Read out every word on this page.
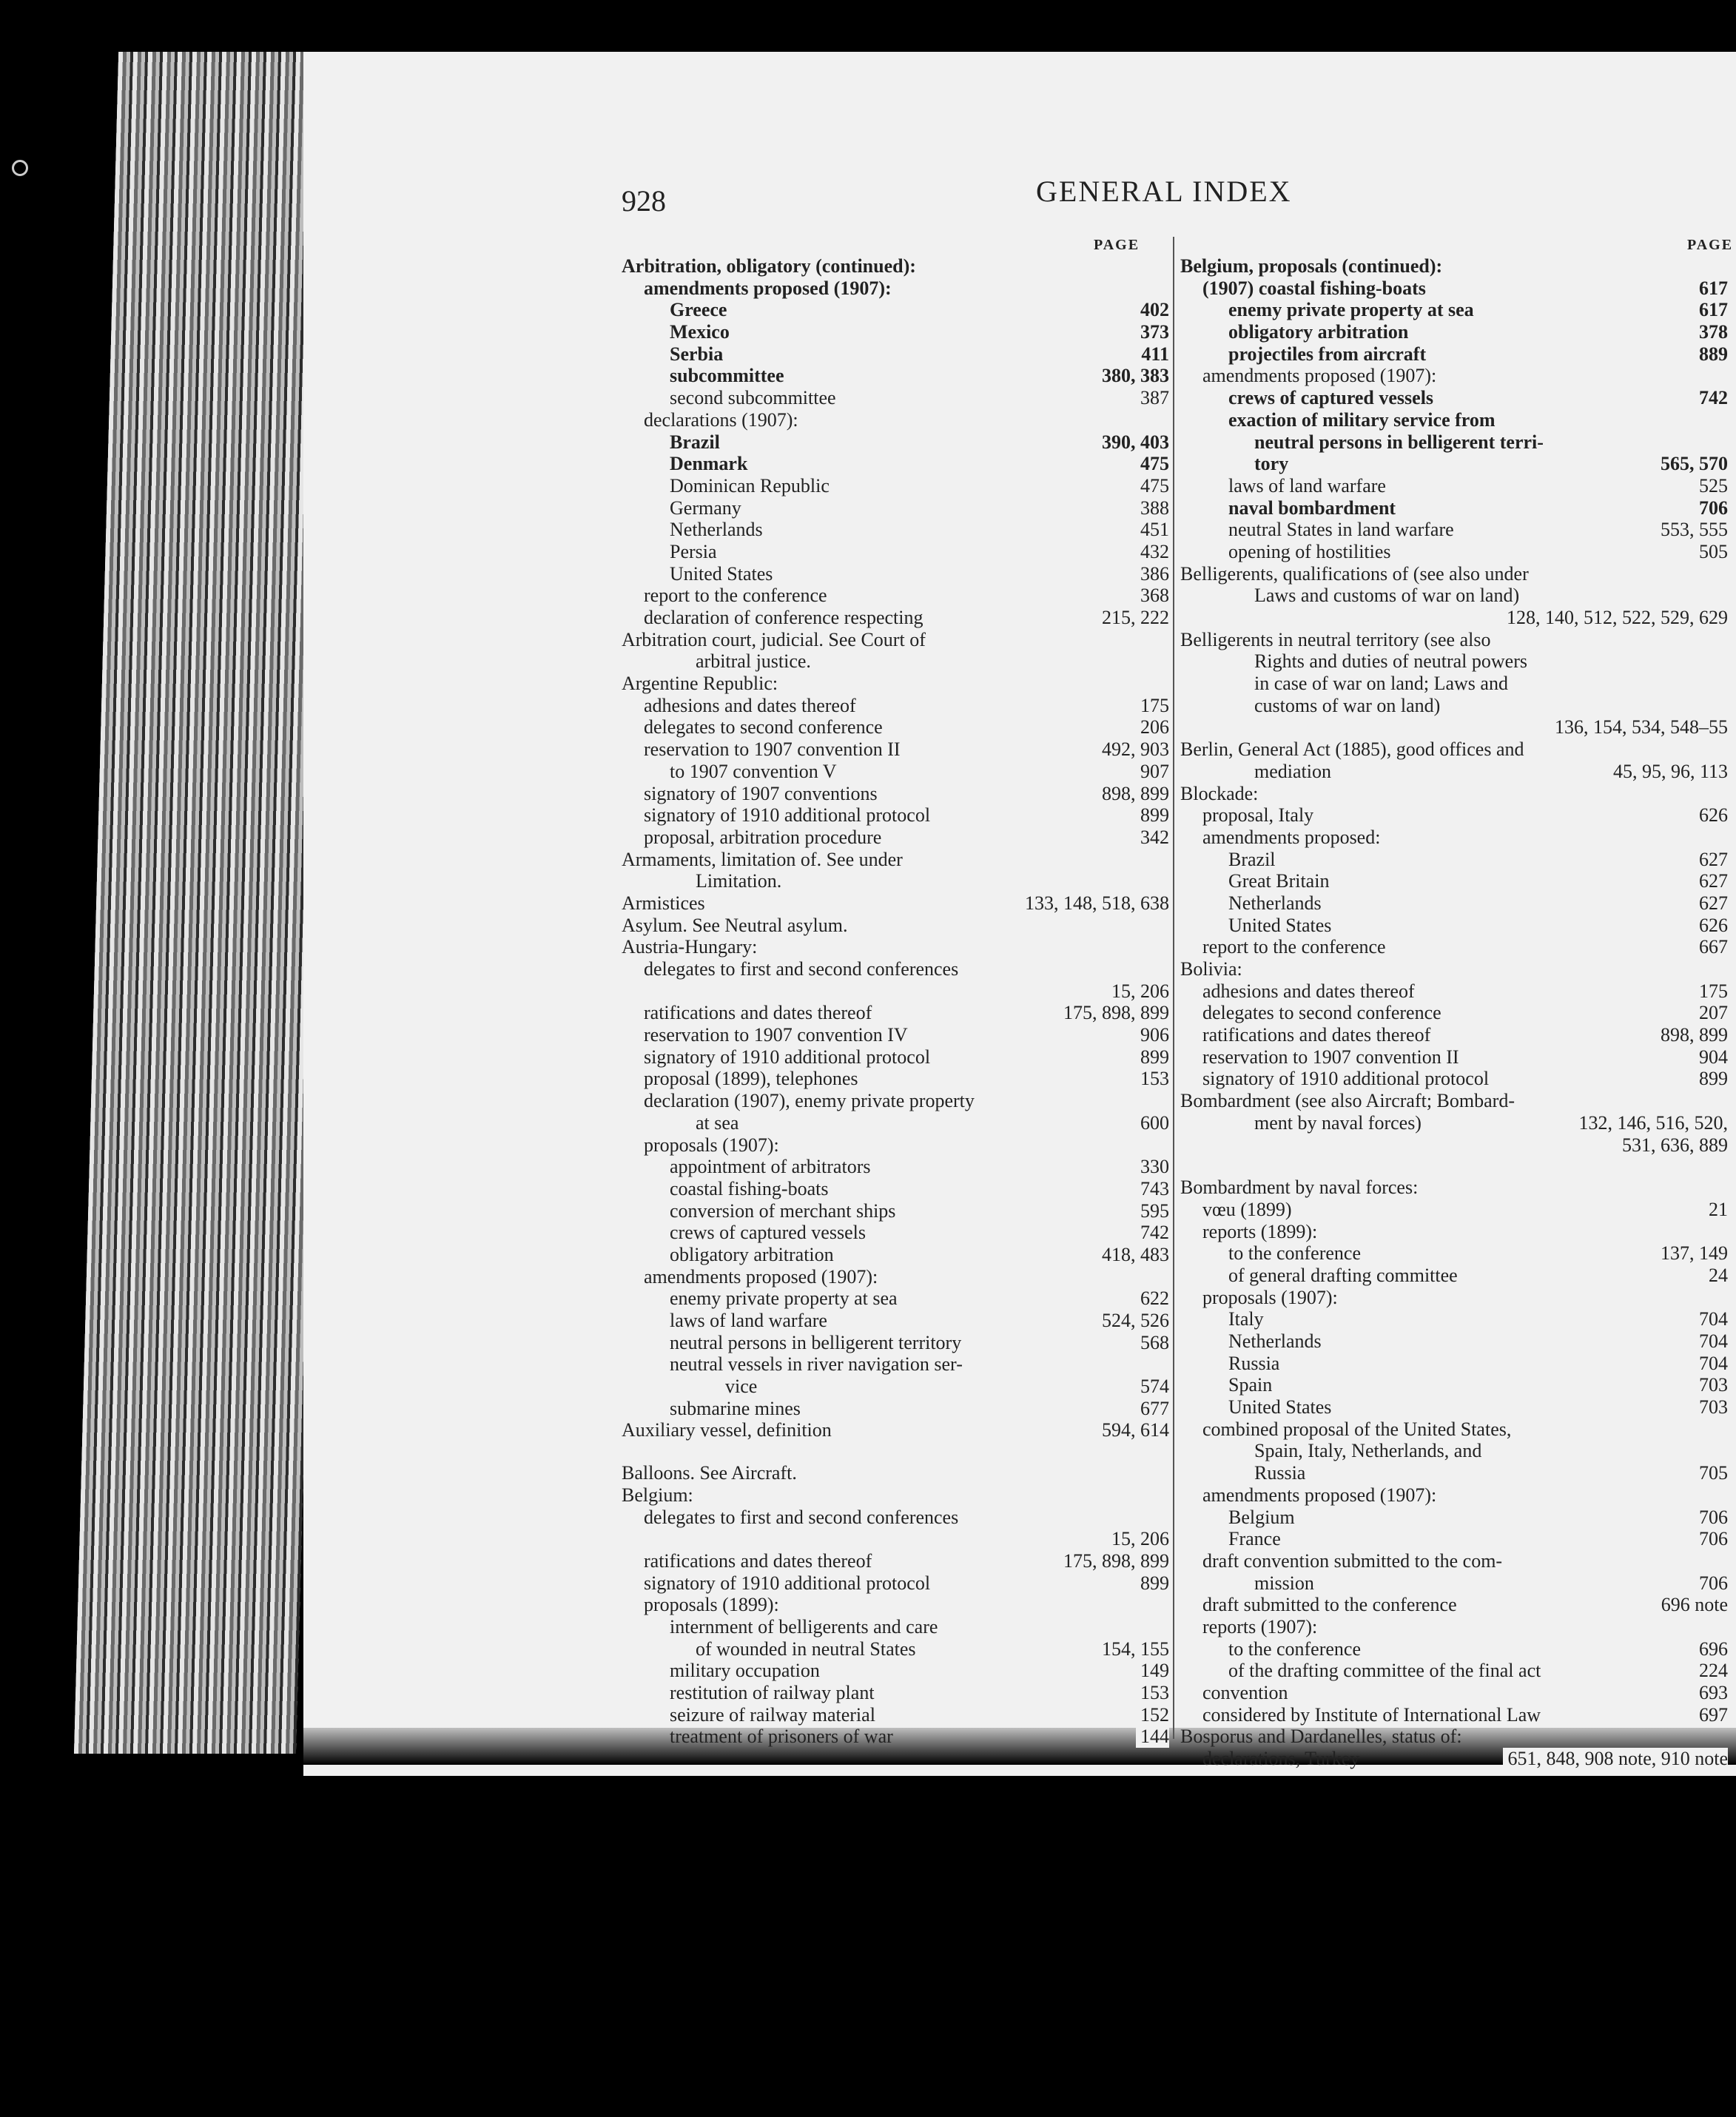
928	GENERAL INDEX
PAGE	PAGE
Arbitration, obligatory (continued):
amendments proposed (1907):
Greece	402
Mexico	373
Serbia	411
subcommittee	380, 383
second subcommittee	387
declarations (1907):
Brazil	390, 403
Denmark	475
Dominican Republic	475
Germany	388
Netherlands	451
Persia	432
United States	386
report to the conference	368
declaration of conference respecting	215, 222
Arbitration court, judicial. See Court of
arbitral justice.
Argentine Republic:
adhesions and dates thereof	175
delegates to second conference	206
reservation to 1907 convention II	492, 903
to 1907 convention V	907
signatory of 1907 conventions	898, 899
signatory of 1910 additional protocol	899
proposal, arbitration procedure	342
Armaments, limitation of. See under
Limitation.
Armistices	133, 148, 518, 638
Asylum. See Neutral asylum.
Austria-Hungary:
delegates to first and second conferences
15, 206
ratifications and dates thereof	175, 898, 899
reservation to 1907 convention IV	906
signatory of 1910 additional protocol	899
proposal (1899), telephones	153
declaration (1907), enemy private property
at sea	600
proposals (1907):
appointment of arbitrators	330
coastal fishing-boats	743
conversion of merchant ships	595
crews of captured vessels	742
obligatory arbitration	418, 483
amendments proposed (1907):
enemy private property at sea	622
laws of land warfare	524, 526
neutral persons in belligerent territory	568
neutral vessels in river navigation ser-
vice	574
submarine mines	677
Auxiliary vessel, definition	594, 614
Balloons. See Aircraft.
Belgium:
delegates to first and second conferences
15, 206
ratifications and dates thereof	175, 898, 899
signatory of 1910 additional protocol	899
proposals (1899):
internment of belligerents and care
of wounded in neutral States	154, 155
military occupation	149
restitution of railway plant	153
seizure of railway material	152
treatment of prisoners of war	144
Belgium, proposals (continued):
(1907) coastal fishing-boats	617
enemy private property at sea	617
obligatory arbitration	378
projectiles from aircraft	889
amendments proposed (1907):
crews of captured vessels	742
exaction of military service from
neutral persons in belligerent terri-
tory	565, 570
laws of land warfare	525
naval bombardment	706
neutral States in land warfare	553, 555
opening of hostilities	505
Belligerents, qualifications of (see also under
Laws and customs of war on land)
128, 140, 512, 522, 529, 629
Belligerents in neutral territory (see also
Rights and duties of neutral powers
in case of war on land; Laws and
customs of war on land)
136, 154, 534, 548–55
Berlin, General Act (1885), good offices and
mediation	45, 95, 96, 113
Blockade:
proposal, Italy	626
amendments proposed:
Brazil	627
Great Britain	627
Netherlands	627
United States	626
report to the conference	667
Bolivia:
adhesions and dates thereof	175
delegates to second conference	207
ratifications and dates thereof	898, 899
reservation to 1907 convention II	904
signatory of 1910 additional protocol	899
Bombardment (see also Aircraft; Bombard-
ment by naval forces)	132, 146, 516, 520,
531, 636, 889
Bombardment by naval forces:
vœu (1899)	21
reports (1899):
to the conference	137, 149
of general drafting committee	24
proposals (1907):
Italy	704
Netherlands	704
Russia	704
Spain	703
United States	703
combined proposal of the United States,
Spain, Italy, Netherlands, and
Russia	705
amendments proposed (1907):
Belgium	706
France	706
draft convention submitted to the com-
mission	706
draft submitted to the conference	696 note
reports (1907):
to the conference	696
of the drafting committee of the final act	224
convention	693
considered by Institute of International Law	697
Bosporus and Dardanelles, status of:
declarations, Turkey	651, 848, 908 note, 910 note
